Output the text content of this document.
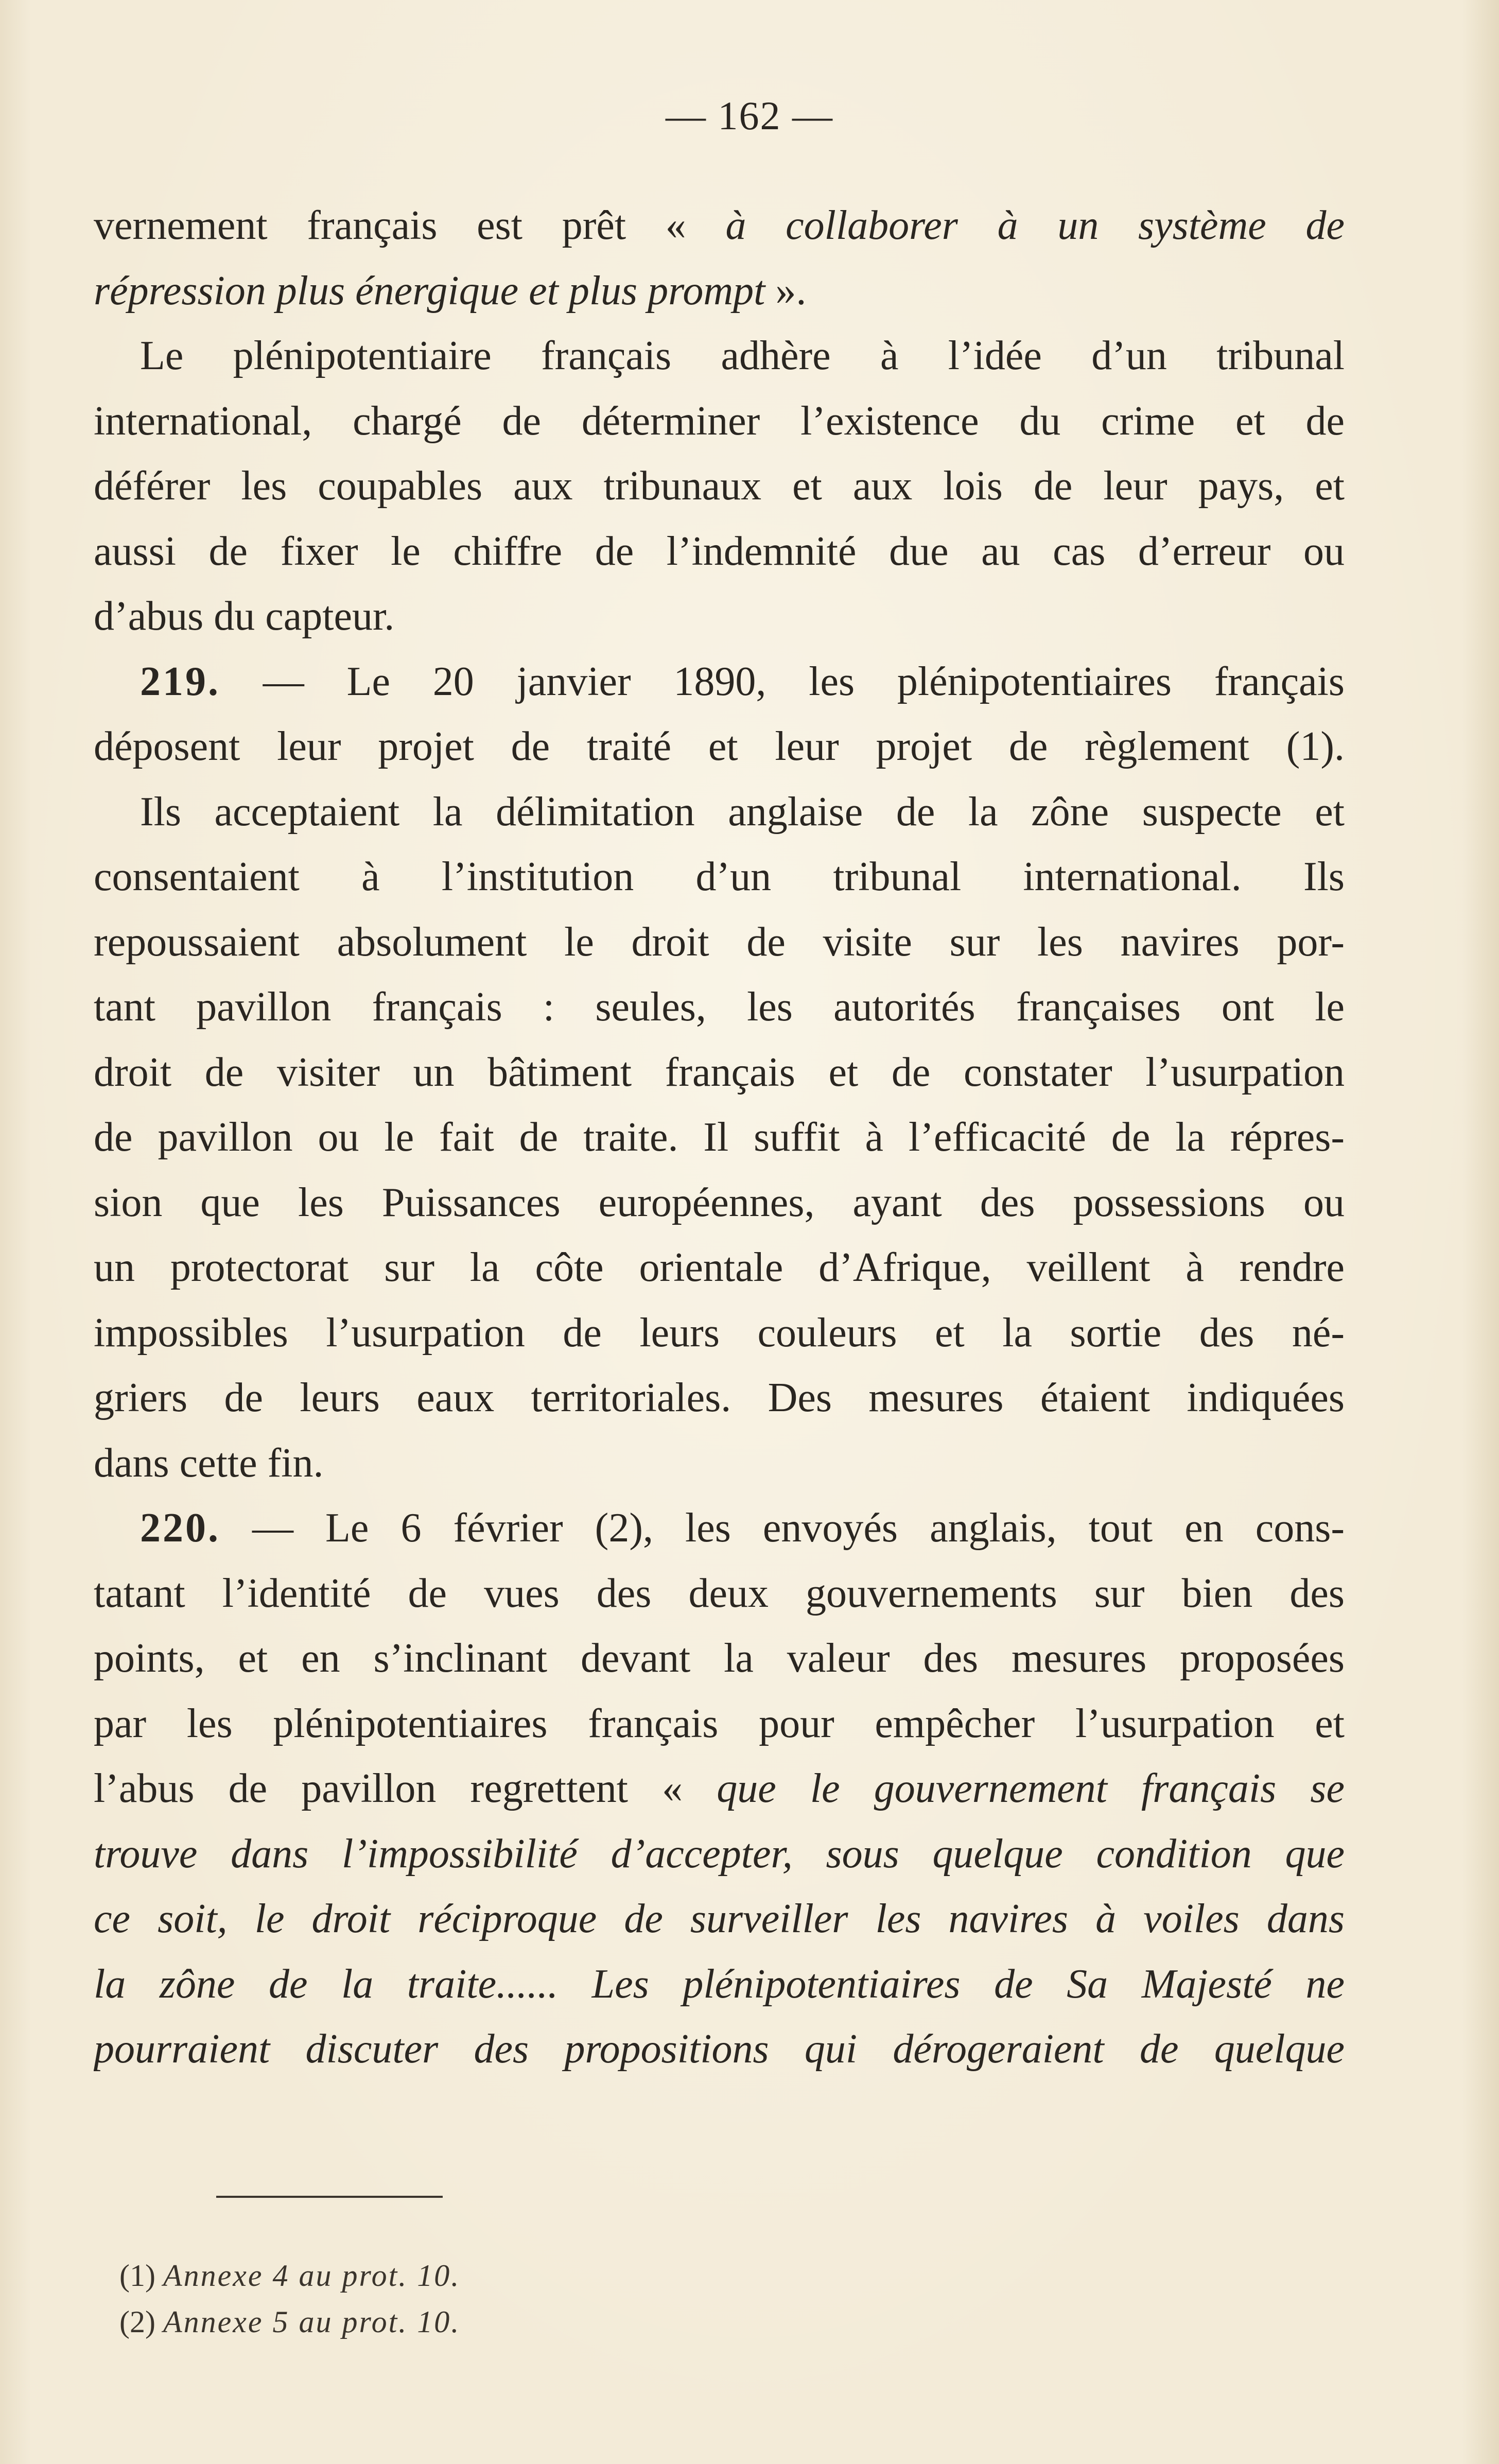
— 162 —
vernement français est prêt « à collaborer à un système de
répression plus énergique et plus prompt ».
Le plénipotentiaire français adhère à l’idée d’un tribunal
international, chargé de déterminer l’existence du crime et de
déférer les coupables aux tribunaux et aux lois de leur pays, et
aussi de fixer le chiffre de l’indemnité due au cas d’erreur ou
d’abus du capteur.
219. — Le 20 janvier 1890, les plénipotentiaires français
déposent leur projet de traité et leur projet de règlement (1).
Ils acceptaient la délimitation anglaise de la zône suspecte et
consentaient à l’institution d’un tribunal international. Ils
repoussaient absolument le droit de visite sur les navires por-
tant pavillon français : seules, les autorités françaises ont le
droit de visiter un bâtiment français et de constater l’usurpation
de pavillon ou le fait de traite. Il suffit à l’efficacité de la répres-
sion que les Puissances européennes, ayant des possessions ou
un protectorat sur la côte orientale d’Afrique, veillent à rendre
impossibles l’usurpation de leurs couleurs et la sortie des né-
griers de leurs eaux territoriales. Des mesures étaient indiquées
dans cette fin.
220. — Le 6 février (2), les envoyés anglais, tout en cons-
tatant l’identité de vues des deux gouvernements sur bien des
points, et en s’inclinant devant la valeur des mesures proposées
par les plénipotentiaires français pour empêcher l’usurpation et
l’abus de pavillon regrettent « que le gouvernement français se
trouve dans l’impossibilité d’accepter, sous quelque condition que
ce soit, le droit réciproque de surveiller les navires à voiles dans
la zône de la traite...... Les plénipotentiaires de Sa Majesté ne
pourraient discuter des propositions qui dérogeraient de quelque
(1) Annexe 4 au prot. 10.
(2) Annexe 5 au prot. 10.
